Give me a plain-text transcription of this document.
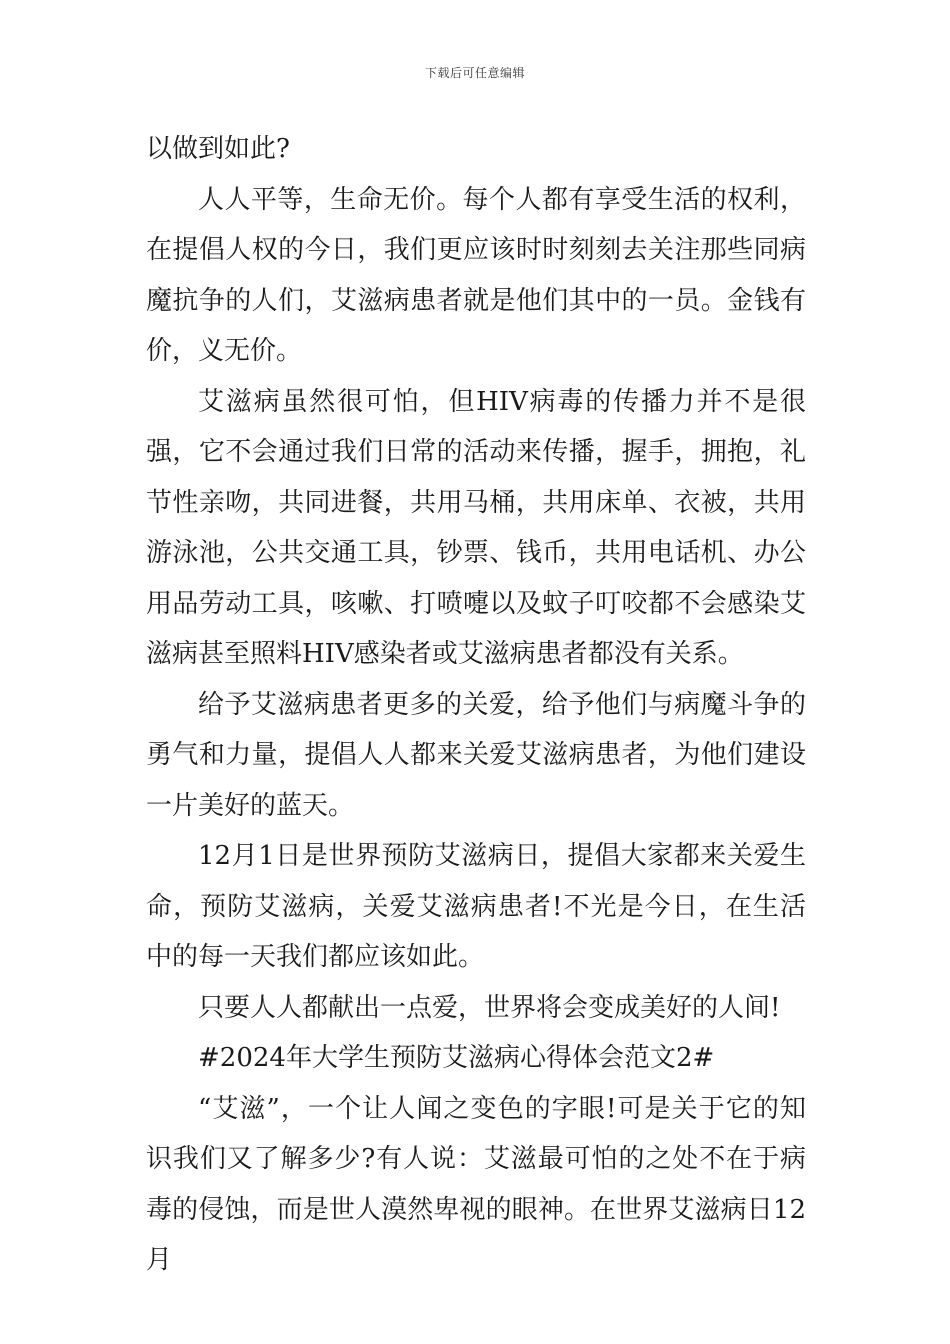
下载后可任意编辑

以做到如此?

人人平等，生命无价。每个人都有享受生活的权利，在提倡人权的今日，我们更应该时时刻刻去关注那些同病魔抗争的人们，艾滋病患者就是他们其中的一员。金钱有价，义无价。

艾滋病虽然很可怕，但HIV病毒的传播力并不是很强，它不会通过我们日常的活动来传播，握手，拥抱，礼节性亲吻，共同进餐，共用马桶，共用床单、衣被，共用游泳池，公共交通工具，钞票、钱币，共用电话机、办公用品劳动工具，咳嗽、打喷嚏以及蚊子叮咬都不会感染艾滋病甚至照料HIV感染者或艾滋病患者都没有关系。

给予艾滋病患者更多的关爱，给予他们与病魔斗争的勇气和力量，提倡人人都来关爱艾滋病患者，为他们建设一片美好的蓝天。

12月1日是世界预防艾滋病日，提倡大家都来关爱生命，预防艾滋病，关爱艾滋病患者!不光是今日，在生活中的每一天我们都应该如此。

只要人人都献出一点爱，世界将会变成美好的人间!

#2024年大学生预防艾滋病心得体会范文2#

“艾滋”，一个让人闻之变色的字眼!可是关于它的知识我们又了解多少?有人说：艾滋最可怕的之处不在于病毒的侵蚀，而是世人漠然卑视的眼神。在世界艾滋病日12月
